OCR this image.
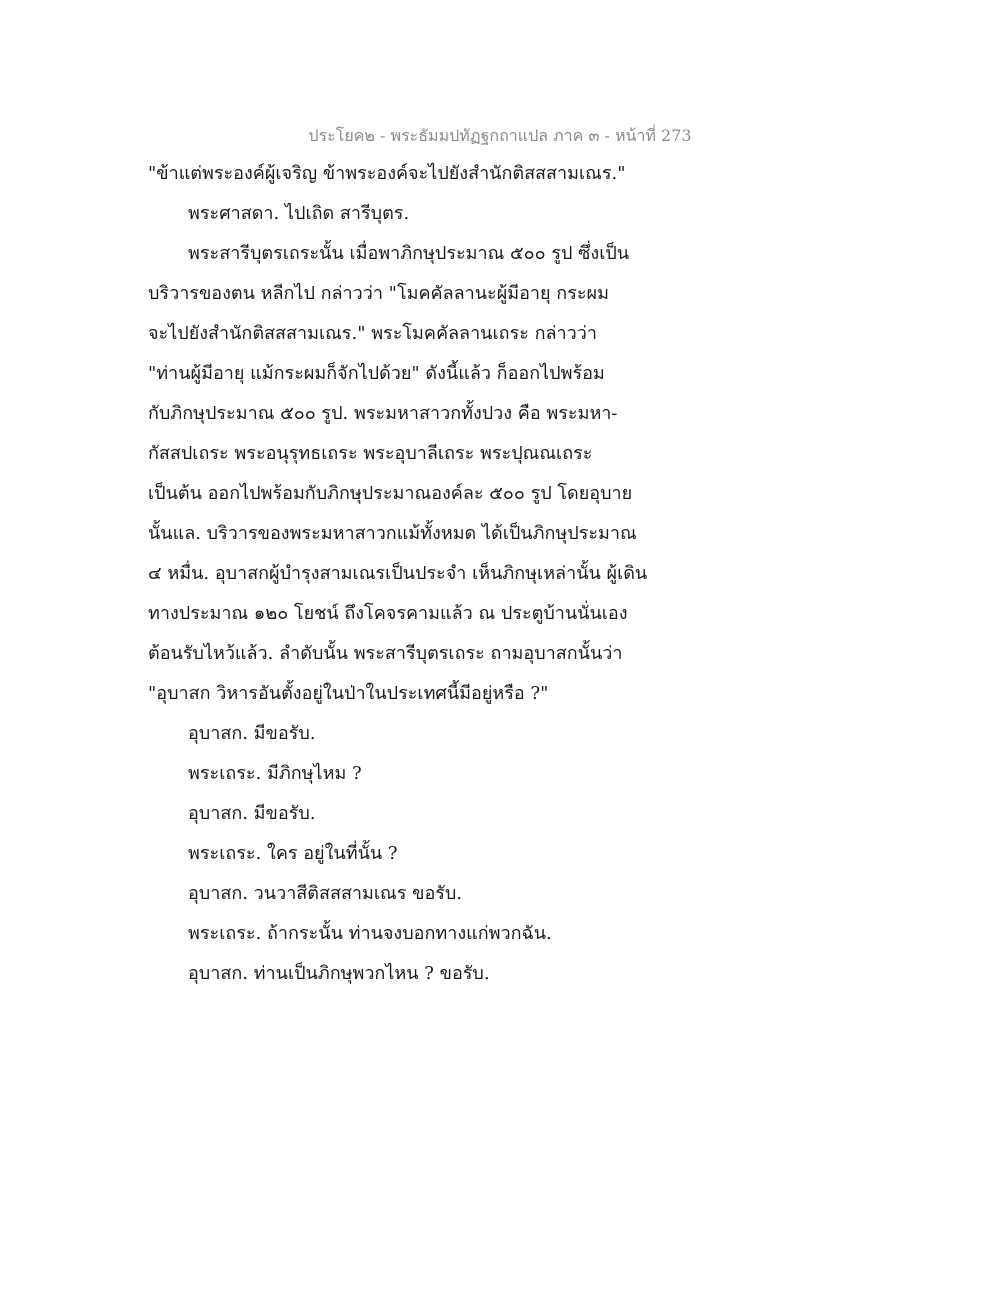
ประโยค๒ - พระธัมมปทัฏฐกถาแปล ภาค ๓ - หน้าที่ 273
"ข้าแต่พระองค์ผู้เจริญ ข้าพระองค์จะไปยังสำนักติสสสามเณร."
พระศาสดา. ไปเถิด สารีบุตร.
พระสารีบุตรเถระนั้น เมื่อพาภิกษุประมาณ ๕๐๐ รูป ซึ่งเป็น
บริวารของตน หลีกไป กล่าวว่า "โมคคัลลานะผู้มีอายุ กระผม
จะไปยังสำนักติสสสามเณร." พระโมคคัลลานเถระ กล่าวว่า
"ท่านผู้มีอายุ แม้กระผมก็จักไปด้วย" ดังนี้แล้ว ก็ออกไปพร้อม
กับภิกษุประมาณ ๕๐๐ รูป. พระมหาสาวกทั้งปวง คือ พระมหา-
กัสสปเถระ พระอนุรุทธเถระ พระอุบาลีเถระ พระปุณณเถระ
เป็นต้น ออกไปพร้อมกับภิกษุประมาณองค์ละ ๕๐๐ รูป โดยอุบาย
นั้นแล. บริวารของพระมหาสาวกแม้ทั้งหมด ได้เป็นภิกษุประมาณ
๔ หมื่น. อุบาสกผู้บำรุงสามเณรเป็นประจำ เห็นภิกษุเหล่านั้น ผู้เดิน
ทางประมาณ ๑๒๐ โยชน์ ถึงโคจรคามแล้ว ณ ประตูบ้านนั่นเอง
ต้อนรับไหว้แล้ว. ลำดับนั้น พระสารีบุตรเถระ ถามอุบาสกนั้นว่า
"อุบาสก วิหารอันตั้งอยู่ในป่าในประเทศนี้มีอยู่หรือ ?"
อุบาสก. มีขอรับ.
พระเถระ. มีภิกษุไหม ?
อุบาสก. มีขอรับ.
พระเถระ. ใคร อยู่ในที่นั้น ?
อุบาสก. วนวาสีติสสสามเณร ขอรับ.
พระเถระ. ถ้ากระนั้น ท่านจงบอกทางแก่พวกฉัน.
อุบาสก. ท่านเป็นภิกษุพวกไหน ? ขอรับ.
